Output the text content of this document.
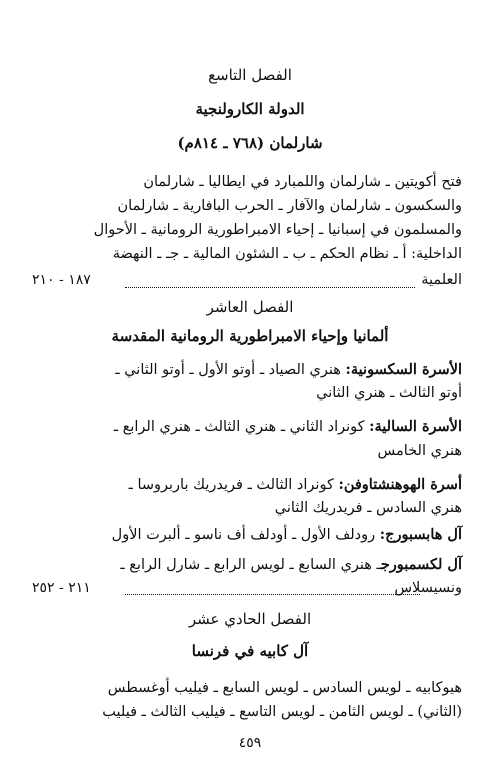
الفصل التاسع

الدولة الكارولنجية

شارلمان (٧٦٨ ـ ٨١٤م)

فتح أكويتين ـ شارلمان واللمبارد في ايطاليا ـ شارلمان

والسكسون ـ شارلمان والآفار ـ الحرب البافارية ـ شارلمان

والمسلمون في إسبانيا ـ إحياء الامبراطورية الرومانية ـ الأحوال

الداخلية: أ ـ نظام الحكم ـ ب ـ الشئون المالية ـ جـ ـ النهضة

العلمية

١٨٧ - ٢١٠

الفصل العاشر

ألمانيا وإحياء الامبراطورية الرومانية المقدسة

الأسرة السكسونية: هنري الصياد ـ أوتو الأول ـ أوتو الثاني ـ

أوتو الثالث ـ هنري الثاني

الأسرة السالية: كونراد الثاني ـ هنري الثالث ـ هنري الرابع ـ

هنري الخامس

أسرة الهوهنشتاوفن: كونراد الثالث ـ فريدريك باربروسا ـ

هنري السادس ـ فريدريك الثاني

آل هابسبورج: رودلف الأول ـ أودلف أف ناسو ـ ألبرت الأول

آل لكسمبورجـ هنري السابع ـ لويس الرابع ـ شارل الرابع ـ

ونسيسلاس

٢١١ - ٢٥٢

الفصل الحادي عشر

آل كابيه في فرنسا

هيوكابيه ـ لويس السادس ـ لويس السابع ـ فيليب أوغسطس

(الثاني) ـ لويس الثامن ـ لويس التاسع ـ فيليب الثالث ـ فيليب

٤٥٩
